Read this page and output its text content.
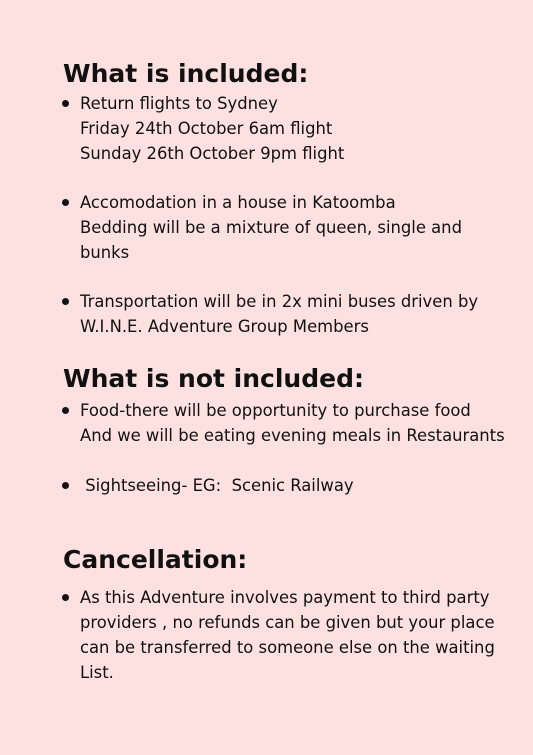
What is included:
Return flights to Sydney
Friday 24th October 6am flight
Sunday 26th October 9pm flight
Accomodation in a house in Katoomba
Bedding will be a mixture of queen, single and
bunks
Transportation will be in 2x mini buses driven by
W.I.N.E. Adventure Group Members
What is not included:
Food-there will be opportunity to purchase food
And we will be eating evening meals in Restaurants
Sightseeing- EG:  Scenic Railway
Cancellation:
As this Adventure involves payment to third party
providers , no refunds can be given but your place
can be transferred to someone else on the waiting
List.
